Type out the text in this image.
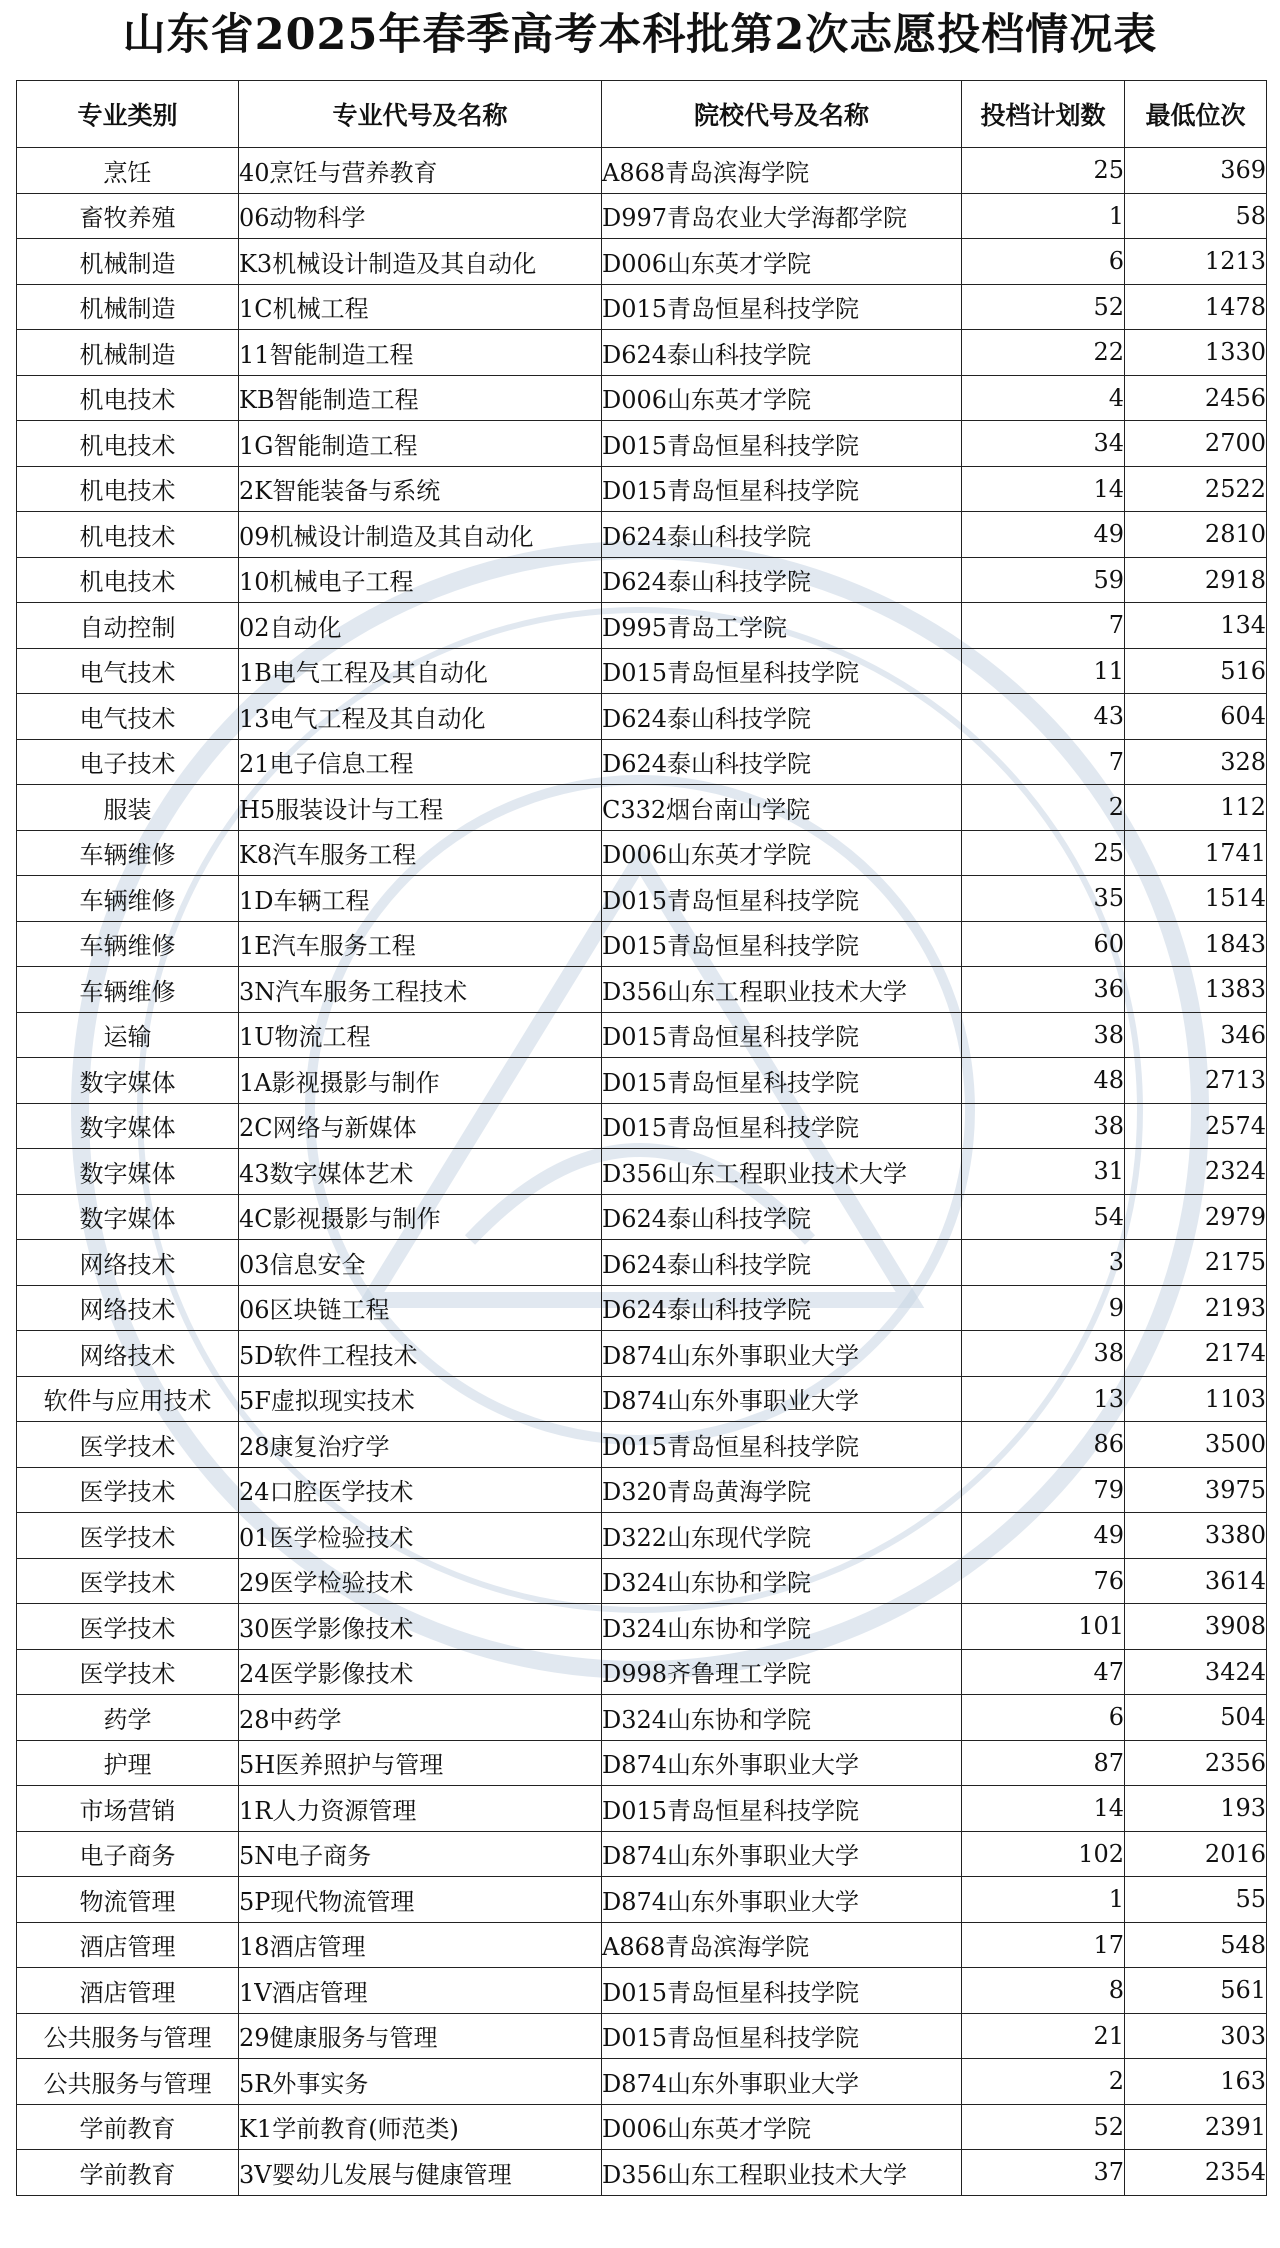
山东省2025年春季高考本科批第2次志愿投档情况表
专业类别	专业代号及名称	院校代号及名称	投档计划数	最低位次
烹饪	40烹饪与营养教育	A868青岛滨海学院	25	369
畜牧养殖	06动物科学	D997青岛农业大学海都学院	1	58
机械制造	K3机械设计制造及其自动化	D006山东英才学院	6	1213
机械制造	1C机械工程	D015青岛恒星科技学院	52	1478
机械制造	11智能制造工程	D624泰山科技学院	22	1330
机电技术	KB智能制造工程	D006山东英才学院	4	2456
机电技术	1G智能制造工程	D015青岛恒星科技学院	34	2700
机电技术	2K智能装备与系统	D015青岛恒星科技学院	14	2522
机电技术	09机械设计制造及其自动化	D624泰山科技学院	49	2810
机电技术	10机械电子工程	D624泰山科技学院	59	2918
自动控制	02自动化	D995青岛工学院	7	134
电气技术	1B电气工程及其自动化	D015青岛恒星科技学院	11	516
电气技术	13电气工程及其自动化	D624泰山科技学院	43	604
电子技术	21电子信息工程	D624泰山科技学院	7	328
服装	H5服装设计与工程	C332烟台南山学院	2	112
车辆维修	K8汽车服务工程	D006山东英才学院	25	1741
车辆维修	1D车辆工程	D015青岛恒星科技学院	35	1514
车辆维修	1E汽车服务工程	D015青岛恒星科技学院	60	1843
车辆维修	3N汽车服务工程技术	D356山东工程职业技术大学	36	1383
运输	1U物流工程	D015青岛恒星科技学院	38	346
数字媒体	1A影视摄影与制作	D015青岛恒星科技学院	48	2713
数字媒体	2C网络与新媒体	D015青岛恒星科技学院	38	2574
数字媒体	43数字媒体艺术	D356山东工程职业技术大学	31	2324
数字媒体	4C影视摄影与制作	D624泰山科技学院	54	2979
网络技术	03信息安全	D624泰山科技学院	3	2175
网络技术	06区块链工程	D624泰山科技学院	9	2193
网络技术	5D软件工程技术	D874山东外事职业大学	38	2174
软件与应用技术	5F虚拟现实技术	D874山东外事职业大学	13	1103
医学技术	28康复治疗学	D015青岛恒星科技学院	86	3500
医学技术	24口腔医学技术	D320青岛黄海学院	79	3975
医学技术	01医学检验技术	D322山东现代学院	49	3380
医学技术	29医学检验技术	D324山东协和学院	76	3614
医学技术	30医学影像技术	D324山东协和学院	101	3908
医学技术	24医学影像技术	D998齐鲁理工学院	47	3424
药学	28中药学	D324山东协和学院	6	504
护理	5H医养照护与管理	D874山东外事职业大学	87	2356
市场营销	1R人力资源管理	D015青岛恒星科技学院	14	193
电子商务	5N电子商务	D874山东外事职业大学	102	2016
物流管理	5P现代物流管理	D874山东外事职业大学	1	55
酒店管理	18酒店管理	A868青岛滨海学院	17	548
酒店管理	1V酒店管理	D015青岛恒星科技学院	8	561
公共服务与管理	29健康服务与管理	D015青岛恒星科技学院	21	303
公共服务与管理	5R外事实务	D874山东外事职业大学	2	163
学前教育	K1学前教育(师范类)	D006山东英才学院	52	2391
学前教育	3V婴幼儿发展与健康管理	D356山东工程职业技术大学	37	2354
